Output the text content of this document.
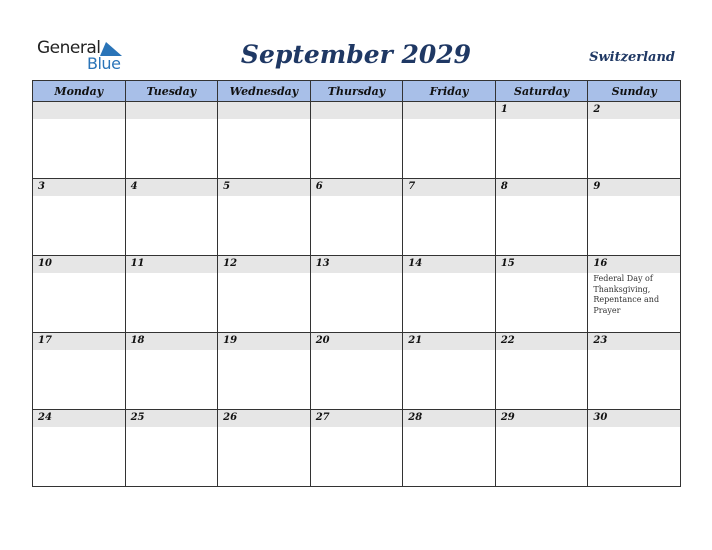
General
Blue	September 2029	Switzerland
Monday	Tuesday	Wednesday	Thursday	Friday	Saturday	Sunday

					1	2

3	4	5	6	7	8	9

10	11	12	13	14	15	16
Federal Day of Thanksgiving, Repentance and Prayer

17	18	19	20	21	22	23

24	25	26	27	28	29	30
